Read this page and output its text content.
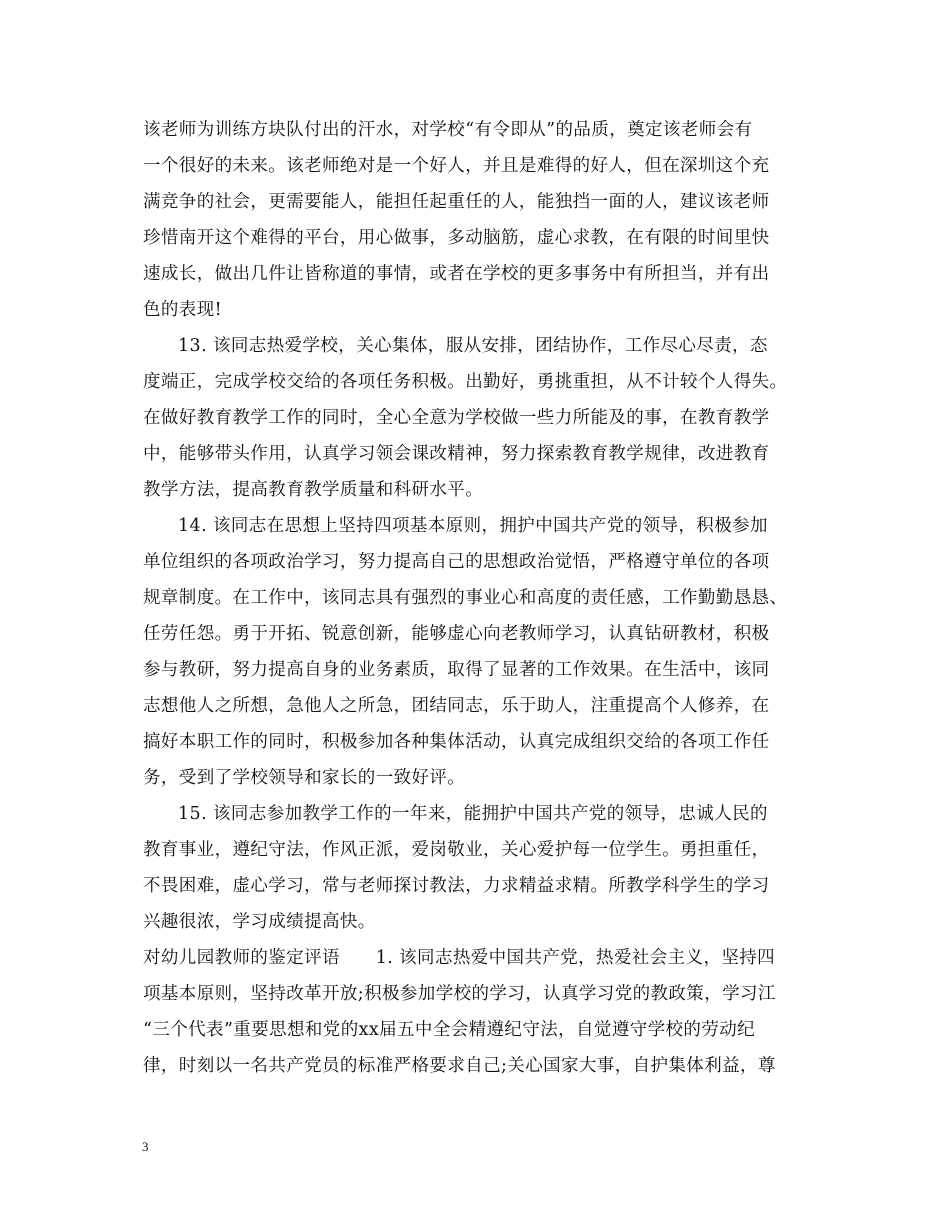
该老师为训练方块队付出的汗水，对学校“有令即从”的品质，奠定该老师会有
一个很好的未来。该老师绝对是一个好人，并且是难得的好人，但在深圳这个充
满竞争的社会，更需要能人，能担任起重任的人，能独挡一面的人，建议该老师
珍惜南开这个难得的平台，用心做事，多动脑筋，虚心求教，在有限的时间里快
速成长，做出几件让皆称道的事情，或者在学校的更多事务中有所担当，并有出
色的表现!
13. 该同志热爱学校，关心集体，服从安排，团结协作，工作尽心尽责，态
度端正，完成学校交给的各项任务积极。出勤好，勇挑重担，从不计较个人得失。
在做好教育教学工作的同时，全心全意为学校做一些力所能及的事，在教育教学
中，能够带头作用，认真学习领会课改精神，努力探索教育教学规律，改进教育
教学方法，提高教育教学质量和科研水平。
14. 该同志在思想上坚持四项基本原则，拥护中国共产党的领导，积极参加
单位组织的各项政治学习，努力提高自己的思想政治觉悟，严格遵守单位的各项
规章制度。在工作中，该同志具有强烈的事业心和高度的责任感，工作勤勤恳恳、
任劳任怨。勇于开拓、锐意创新，能够虚心向老教师学习，认真钻研教材，积极
参与教研，努力提高自身的业务素质，取得了显著的工作效果。在生活中，该同
志想他人之所想，急他人之所急，团结同志，乐于助人，注重提高个人修养，在
搞好本职工作的同时，积极参加各种集体活动，认真完成组织交给的各项工作任
务，受到了学校领导和家长的一致好评。
15. 该同志参加教学工作的一年来，能拥护中国共产党的领导，忠诚人民的
教育事业，遵纪守法，作风正派，爱岗敬业，关心爱护每一位学生。勇担重任，
不畏困难，虚心学习，常与老师探讨教法，力求精益求精。所教学科学生的学习
兴趣很浓，学习成绩提高快。
对幼儿园教师的鉴定评语　　1. 该同志热爱中国共产党，热爱社会主义，坚持四
项基本原则，坚持改革开放;积极参加学校的学习，认真学习党的教政策，学习江
“三个代表”重要思想和党的xx届五中全会精遵纪守法，自觉遵守学校的劳动纪
律，时刻以一名共产党员的标准严格要求自己;关心国家大事，自护集体利益，尊
3
